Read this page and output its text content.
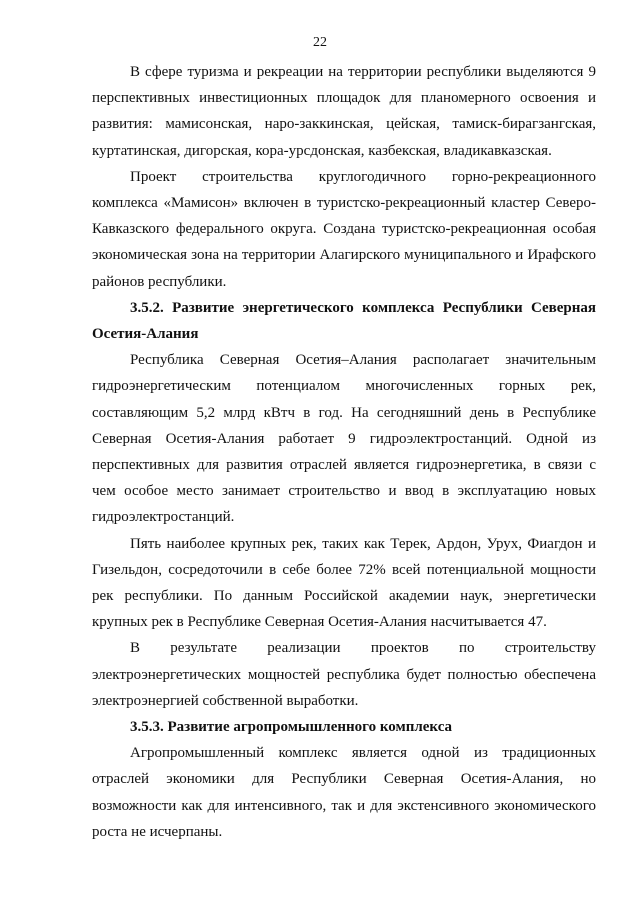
22

В сфере туризма и рекреации на территории республики выделяются 9 перспективных инвестиционных площадок для планомерного освоения и развития: мамисонская, наро-заккинская, цейская, тамиск-бирагзангская, куртатинская, дигорская, кора-урсдонская, казбекская, владикавказская.

Проект строительства круглогодичного горно-рекреационного комплекса «Мамисон» включен в туристско-рекреационный кластер Северо-Кавказского федерального округа. Создана туристско-рекреационная особая экономическая зона на территории Алагирского муниципального и Ирафского районов республики.

3.5.2. Развитие энергетического комплекса Республики Северная Осетия-Алания

Республика Северная Осетия–Алания располагает значительным гидроэнергетическим потенциалом многочисленных горных рек, составляющим 5,2 млрд кВтч в год. На сегодняшний день в Республике Северная Осетия-Алания работает 9 гидроэлектростанций. Одной из перспективных для развития отраслей является гидроэнергетика, в связи с чем особое место занимает строительство и ввод в эксплуатацию новых гидроэлектростанций.

Пять наиболее крупных рек, таких как Терек, Ардон, Урух, Фиагдон и Гизельдон, сосредоточили в себе более 72% всей потенциальной мощности рек республики. По данным Российской академии наук, энергетически крупных рек в Республике Северная Осетия-Алания насчитывается 47.

В результате реализации проектов по строительству электроэнергетических мощностей республика будет полностью обеспечена электроэнергией собственной выработки.

3.5.3. Развитие агропромышленного комплекса

Агропромышленный комплекс является одной из традиционных отраслей экономики для Республики Северная Осетия-Алания, но возможности как для интенсивного, так и для экстенсивного экономического роста не исчерпаны.
